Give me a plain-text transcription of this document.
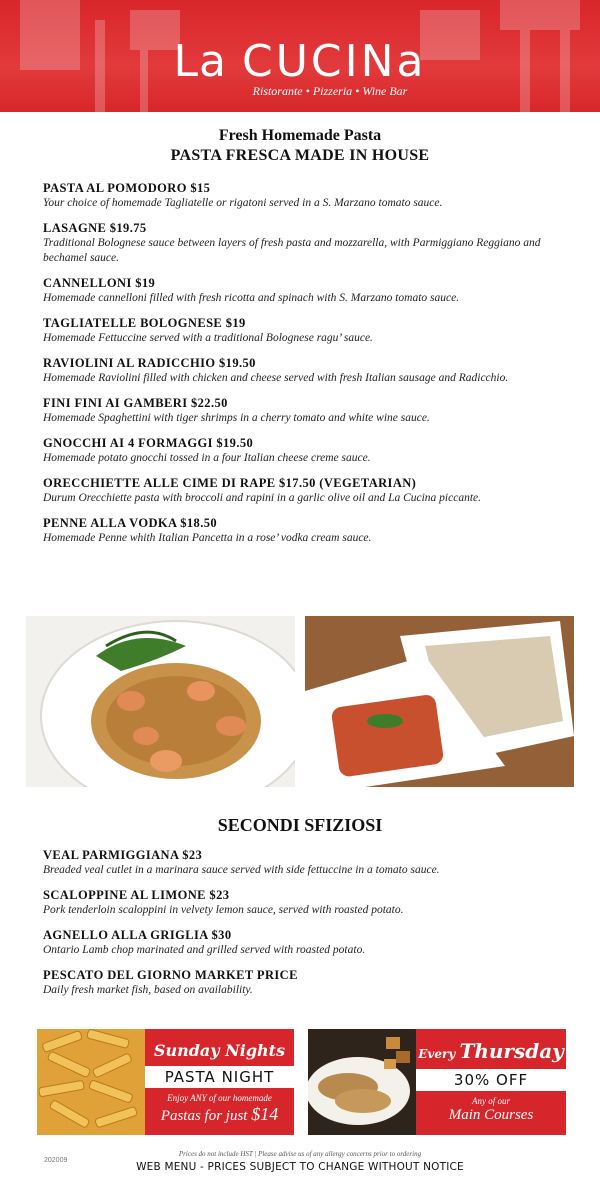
La CUCINa
Ristorante • Pizzeria • Wine Bar
Fresh Homemade Pasta
PASTA FRESCA MADE IN HOUSE
PASTA AL POMODORO $15
Your choice of homemade Tagliatelle or rigatoni served in a S. Marzano tomato sauce.
LASAGNE $19.75
Traditional Bolognese sauce between layers of fresh pasta and mozzarella, with Parmiggiano Reggiano and bechamel sauce.
CANNELLONI $19
Homemade cannelloni filled with fresh ricotta and spinach with S. Marzano tomato sauce.
TAGLIATELLE BOLOGNESE $19
Homemade Fettuccine served with a traditional Bolognese ragu’ sauce.
RAVIOLINI AL RADICCHIO $19.50
Homemade Raviolini filled with chicken and cheese served with fresh Italian sausage and Radicchio.
FINI FINI AI GAMBERI $22.50
Homemade Spaghettini with tiger shrimps in a cherry tomato and white wine sauce.
GNOCCHI AI 4 FORMAGGI $19.50
Homemade potato gnocchi tossed in a four Italian cheese creme sauce.
ORECCHIETTE ALLE CIME DI RAPE $17.50 (VEGETARIAN)
Durum Orecchiette pasta with broccoli and rapini in a garlic olive oil and La Cucina piccante.
PENNE ALLA VODKA $18.50
Homemade Penne whith Italian Pancetta in a rose’ vodka cream sauce.
SECONDI SFIZIOSI
VEAL PARMIGGIANA $23
Breaded veal cutlet in a marinara sauce served with side fettuccine in a tomato sauce.
SCALOPPINE AL LIMONE $23
Pork tenderloin scaloppini in velvety lemon sauce, served with roasted potato.
AGNELLO ALLA GRIGLIA $30
Ontario Lamb chop marinated and grilled served with roasted potato.
PESCATO DEL GIORNO MARKET PRICE
Daily fresh market fish, based on availability.
Sunday Nights
PASTA NIGHT
Enjoy ANY of our homemade
Pastas for just $14
Every Thursday
30% OFF
Any of our
Main Courses
Prices do not include HST | Please advise us of any allergy concerns prior to ordering
202009
WEB MENU - PRICES SUBJECT TO CHANGE WITHOUT NOTICE
